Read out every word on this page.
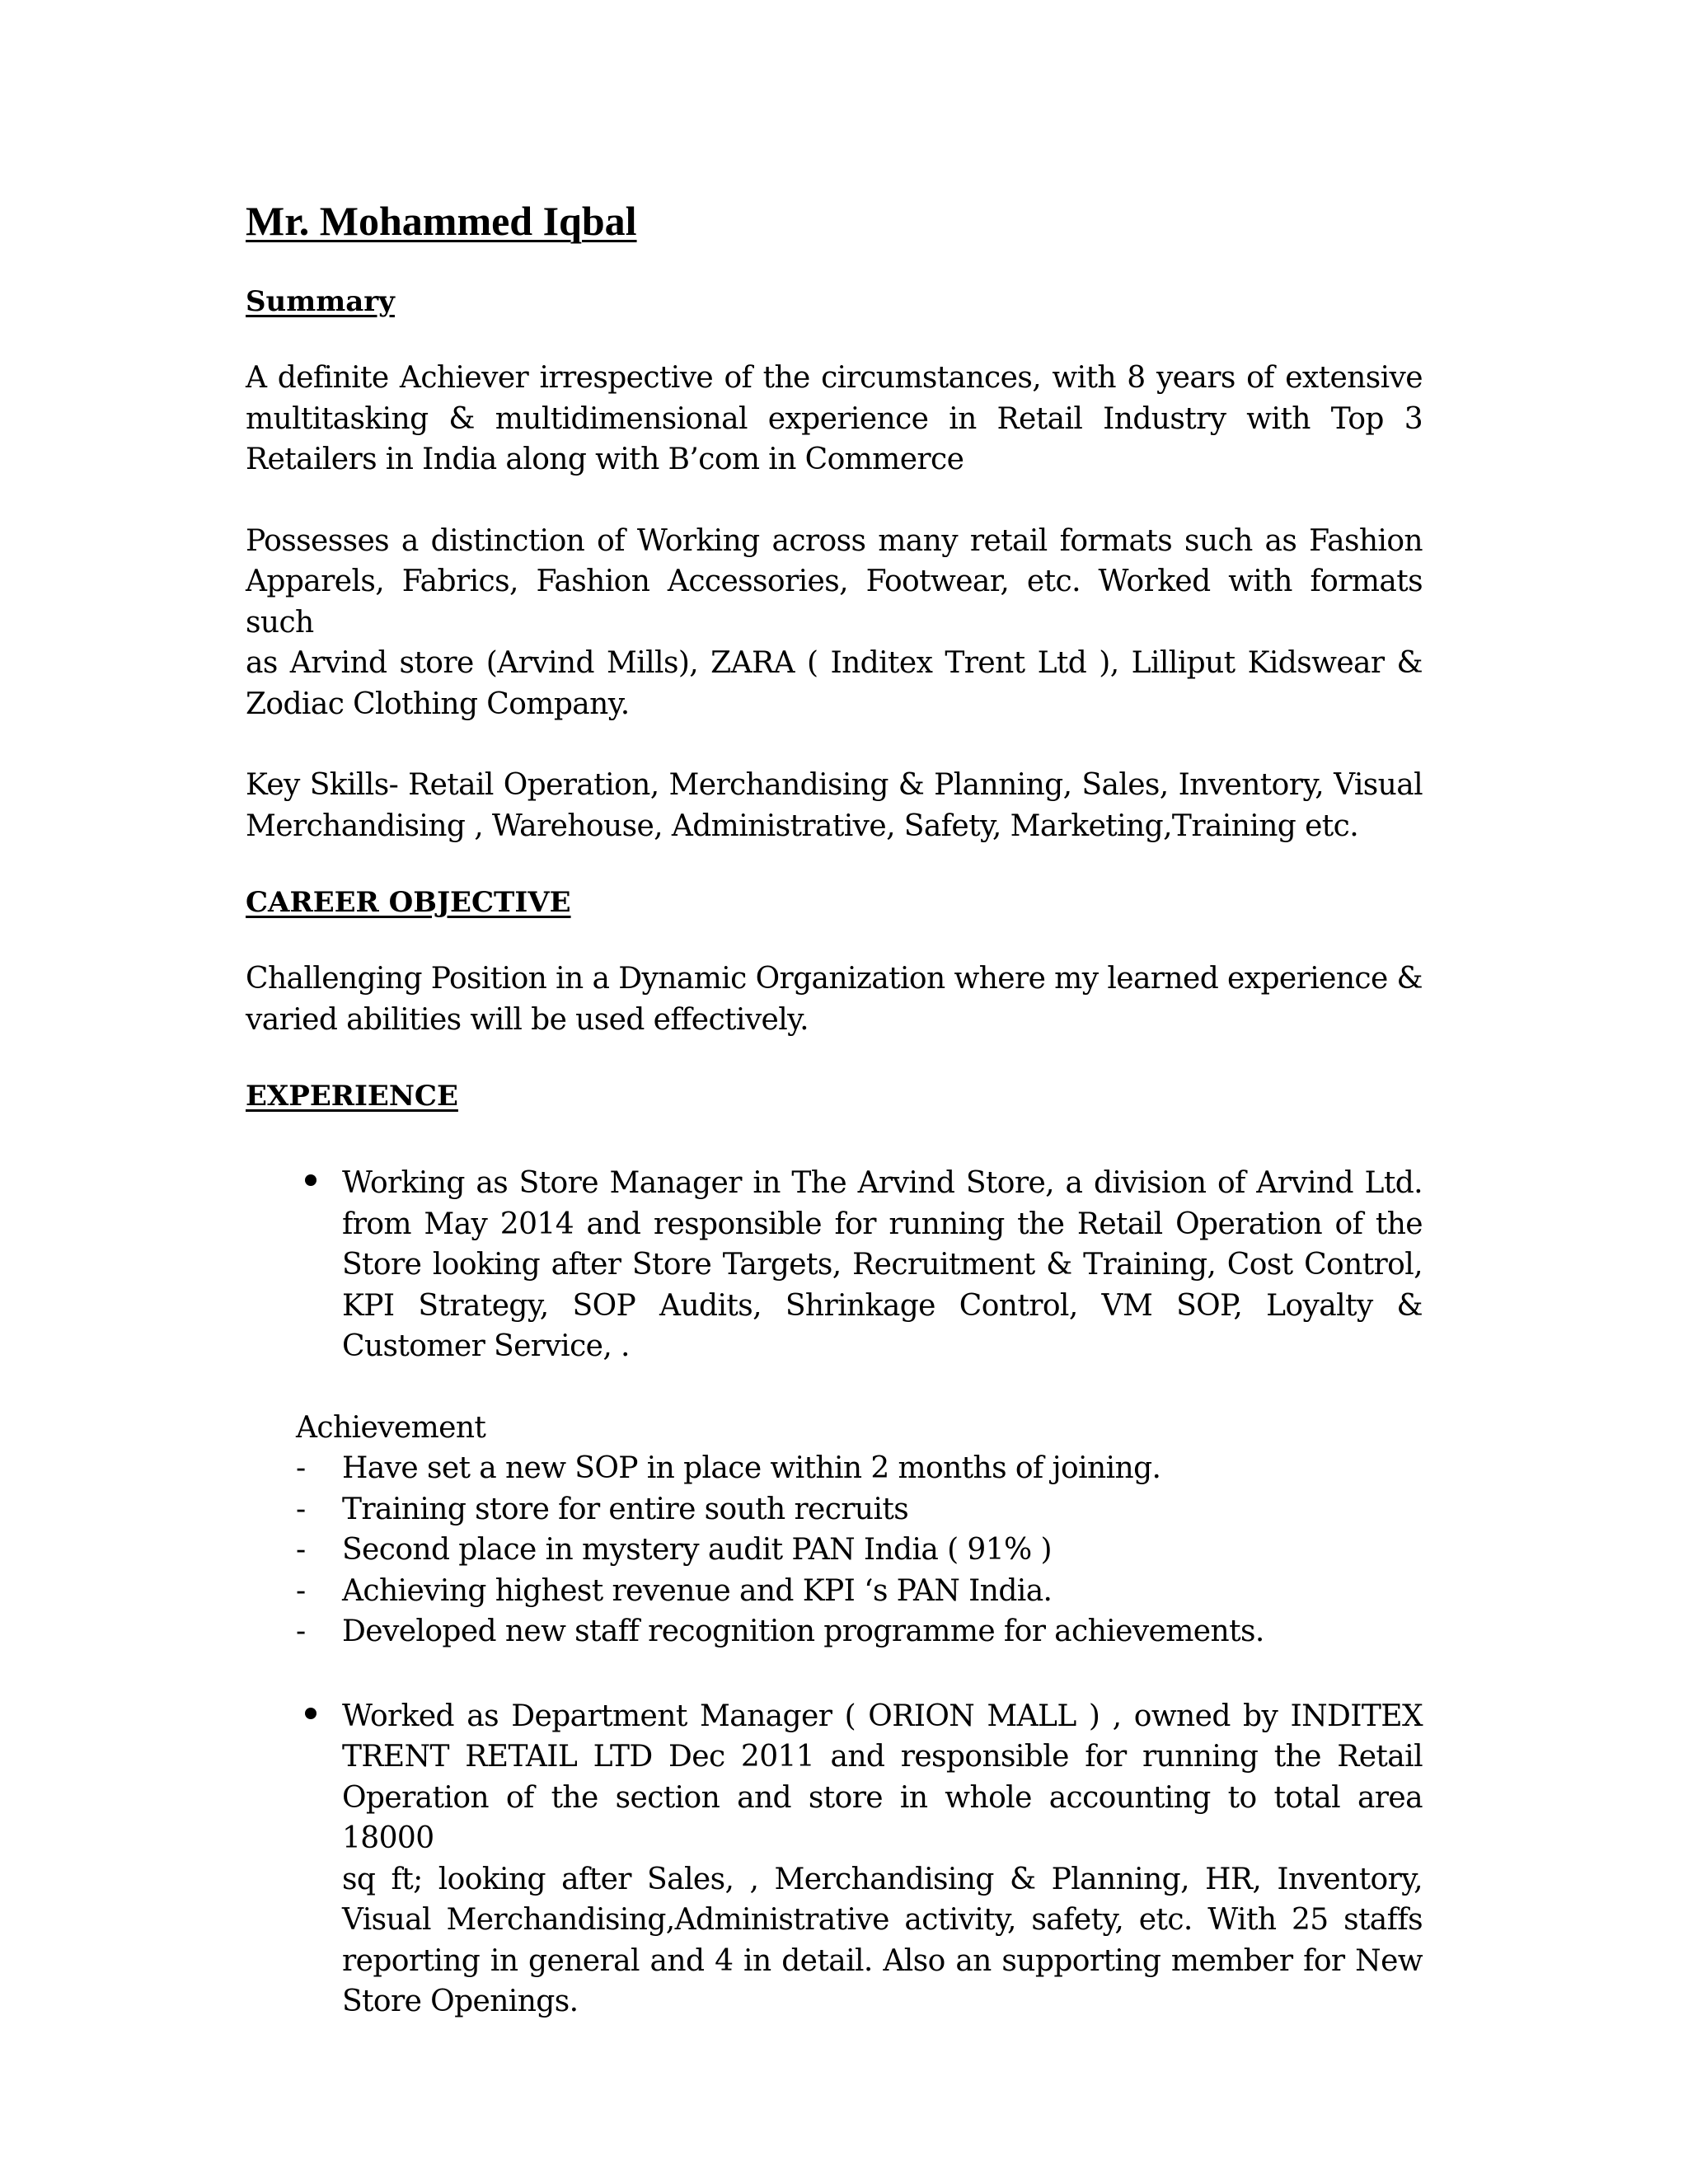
Mr. Mohammed Iqbal
Summary

A definite Achiever irrespective of the circumstances, with 8 years of extensive
multitasking & multidimensional experience in Retail Industry with Top 3
Retailers in India along with B’com in Commerce

Possesses a distinction of Working across many retail formats such as Fashion
Apparels, Fabrics, Fashion Accessories, Footwear, etc. Worked with formats such
as Arvind store (Arvind Mills), ZARA ( Inditex Trent Ltd ), Lilliput Kidswear &
Zodiac Clothing Company.

Key Skills- Retail Operation, Merchandising & Planning, Sales, Inventory, Visual
Merchandising , Warehouse, Administrative, Safety, Marketing,Training etc.

CAREER OBJECTIVE

Challenging Position in a Dynamic Organization where my learned experience &
varied abilities will be used effectively.

EXPERIENCE

Working as Store Manager in The Arvind Store, a division of Arvind Ltd.
from May 2014 and responsible for running the Retail Operation of the
Store looking after Store Targets, Recruitment & Training, Cost Control,
KPI Strategy, SOP Audits, Shrinkage Control, VM SOP, Loyalty &
Customer Service, .

Achievement

- Have set a new SOP in place within 2 months of joining.
- Training store for entire south recruits
- Second place in mystery audit PAN India ( 91% )
- Achieving highest revenue and KPI ‘s PAN India.
- Developed new staff recognition programme for achievements.

Worked as Department Manager ( ORION MALL ) , owned by INDITEX
TRENT RETAIL LTD Dec 2011 and responsible for running the Retail
Operation of the section and store in whole accounting to total area 18000
sq ft; looking after Sales, , Merchandising & Planning, HR, Inventory,
Visual Merchandising,Administrative activity, safety, etc. With 25 staffs
reporting in general and 4 in detail. Also an supporting member for New
Store Openings.
